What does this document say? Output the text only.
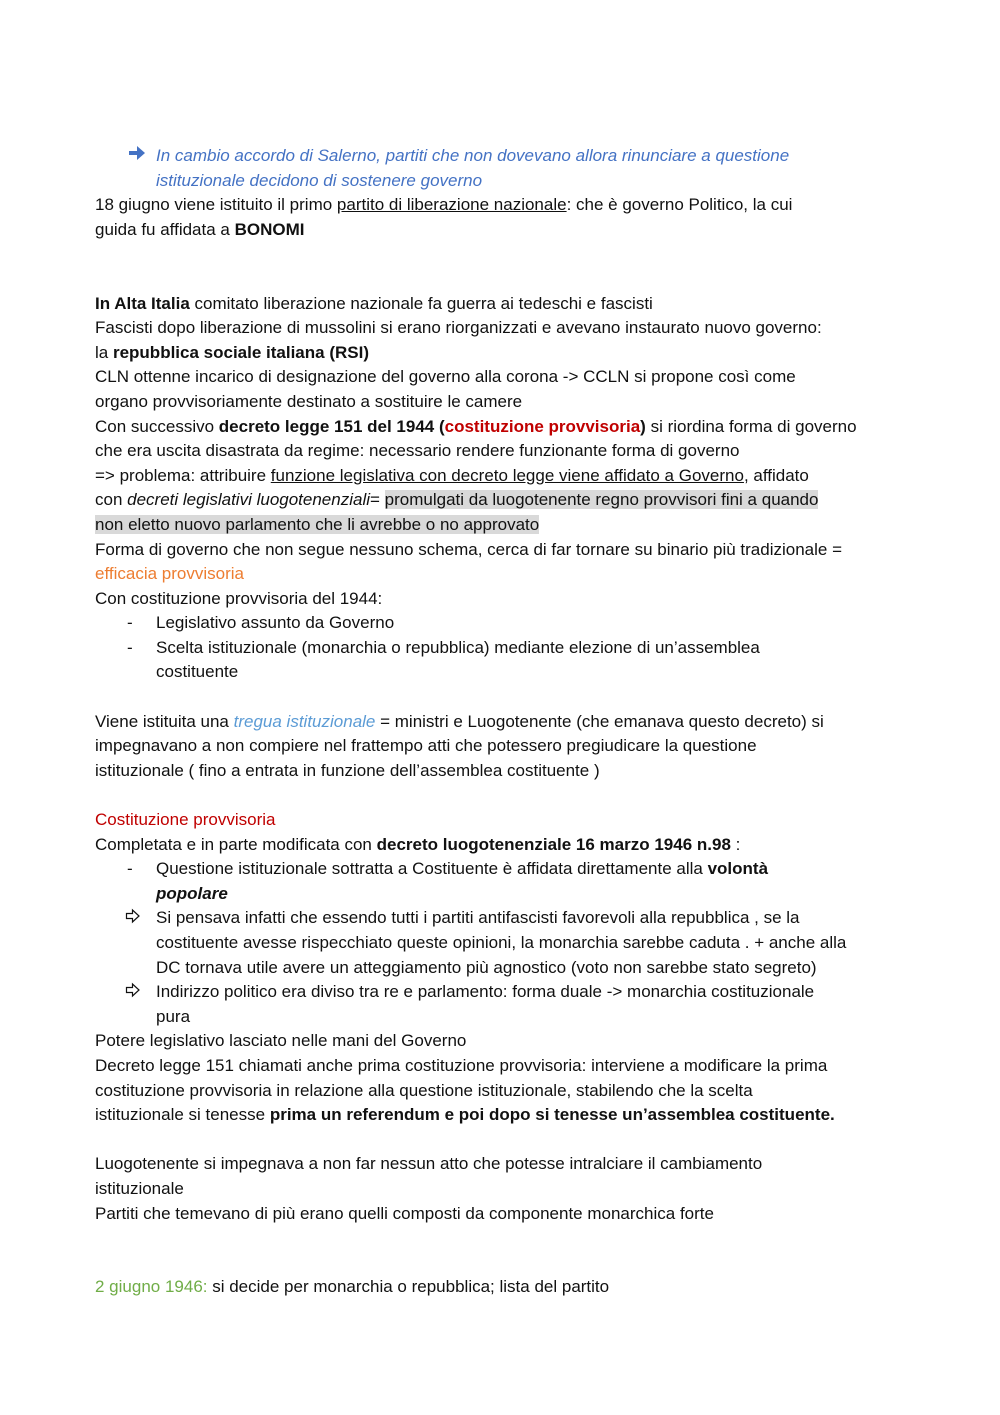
In cambio accordo di Salerno, partiti che non dovevano allora rinunciare a questione
istituzionale decidono di sostenere governo
18 giugno viene istituito il primo partito di liberazione nazionale: che è governo Politico, la cui
guida fu affidata a BONOMI
In Alta Italia comitato liberazione nazionale fa guerra ai tedeschi e fascisti
Fascisti dopo liberazione di mussolini si erano riorganizzati e avevano instaurato nuovo governo:
la repubblica sociale italiana (RSI)
CLN ottenne incarico di designazione del governo alla corona -> CCLN si propone così come
organo provvisoriamente destinato a sostituire le camere
Con successivo decreto legge 151 del 1944 (costituzione provvisoria) si riordina forma di governo
che era uscita disastrata da regime: necessario rendere funzionante forma di governo
=> problema: attribuire funzione legislativa con decreto legge viene affidato a Governo, affidato
con decreti legislativi luogotenenziali= promulgati da luogotenente regno provvisori fini a quando
non eletto nuovo parlamento che li avrebbe o no approvato
Forma di governo che non segue nessuno schema, cerca di far tornare su binario più tradizionale =
efficacia provvisoria
Con costituzione provvisoria del 1944:
- Legislativo assunto da Governo
- Scelta istituzionale (monarchia o repubblica) mediante elezione di un’assemblea
costituente
Viene istituita una tregua istituzionale = ministri e Luogotenente (che emanava questo decreto) si
impegnavano a non compiere nel frattempo atti che potessero pregiudicare la questione
istituzionale ( fino a entrata in funzione dell’assemblea costituente )
Costituzione provvisoria
Completata e in parte modificata con decreto luogotenenziale 16 marzo 1946 n.98 :
- Questione istituzionale sottratta a Costituente è affidata direttamente alla volontà
popolare
Si pensava infatti che essendo tutti i partiti antifascisti favorevoli alla repubblica , se la
costituente avesse rispecchiato queste opinioni, la monarchia sarebbe caduta . + anche alla
DC tornava utile avere un atteggiamento più agnostico (voto non sarebbe stato segreto)
Indirizzo politico era diviso tra re e parlamento: forma duale -> monarchia costituzionale
pura
Potere legislativo lasciato nelle mani del Governo
Decreto legge 151 chiamati anche prima costituzione provvisoria: interviene a modificare la prima
costituzione provvisoria in relazione alla questione istituzionale, stabilendo che la scelta
istituzionale si tenesse prima un referendum e poi dopo si tenesse un’assemblea costituente.
Luogotenente si impegnava a non far nessun atto che potesse intralciare il cambiamento
istituzionale
Partiti che temevano di più erano quelli composti da componente monarchica forte
2 giugno 1946: si decide per monarchia o repubblica; lista del partito
